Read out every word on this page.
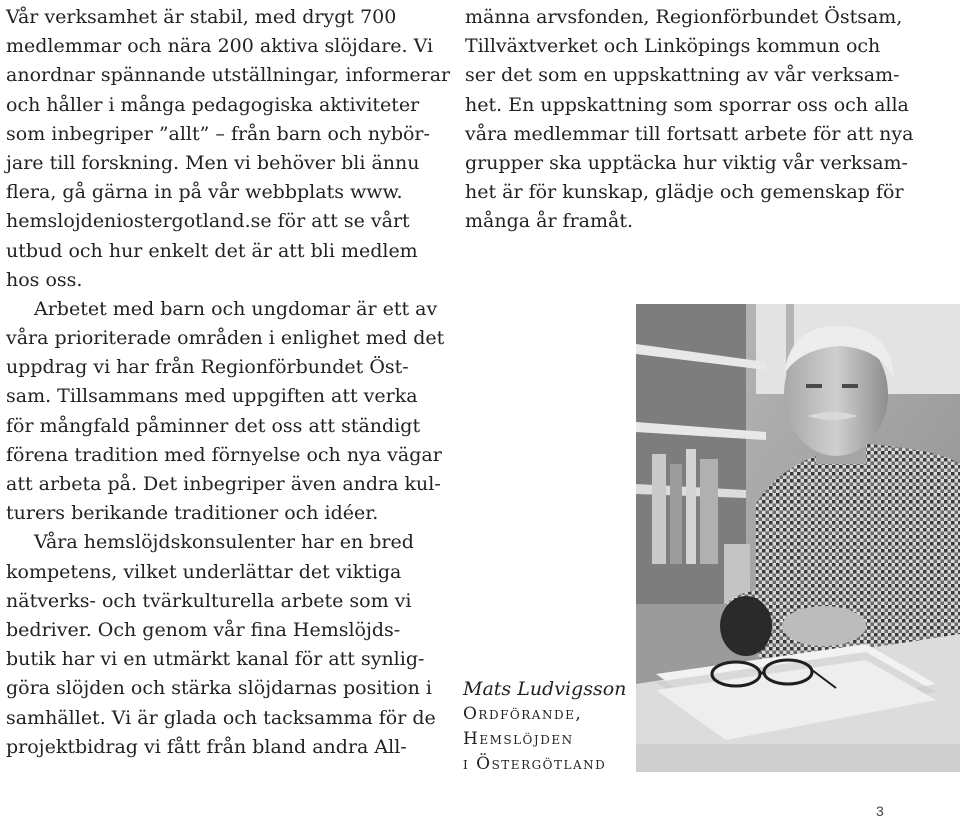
Vår verksamhet är stabil, med drygt 700
medlemmar och nära 200 aktiva slöjdare. Vi
anordnar spännande utställningar, informerar
och håller i många pedagogiska aktiviteter
som inbegriper ”allt” – från barn och nybör-
jare till forskning. Men vi behöver bli ännu
flera, gå gärna in på vår webbplats www.
hemslojdeniostergotland.se för att se vårt
utbud och hur enkelt det är att bli medlem
hos oss.
Arbetet med barn och ungdomar är ett av
våra prioriterade områden i enlighet med det
uppdrag vi har från Regionförbundet Öst-
sam. Tillsammans med uppgiften att verka
för mångfald påminner det oss att ständigt
förena tradition med förnyelse och nya vägar
att arbeta på. Det inbegriper även andra kul-
turers berikande traditioner och idéer.
Våra hemslöjdskonsulenter har en bred
kompetens, vilket underlättar det viktiga
nätverks- och tvärkulturella arbete som vi
bedriver. Och genom vår fina Hemslöjds-
butik har vi en utmärkt kanal för att synlig-
göra slöjden och stärka slöjdarnas position i
samhället. Vi är glada och tacksamma för de
projektbidrag vi fått från bland andra All-
männa arvsfonden, Regionförbundet Östsam,
Tillväxtverket och Linköpings kommun och
ser det som en uppskattning av vår verksam-
het. En uppskattning som sporrar oss och alla
våra medlemmar till fortsatt arbete för att nya
grupper ska upptäcka hur viktig vår verksam-
het är för kunskap, glädje och gemenskap för
många år framåt.
Mats Ludvigsson
Ordförande,
Hemslöjden
i Östergötland
3
